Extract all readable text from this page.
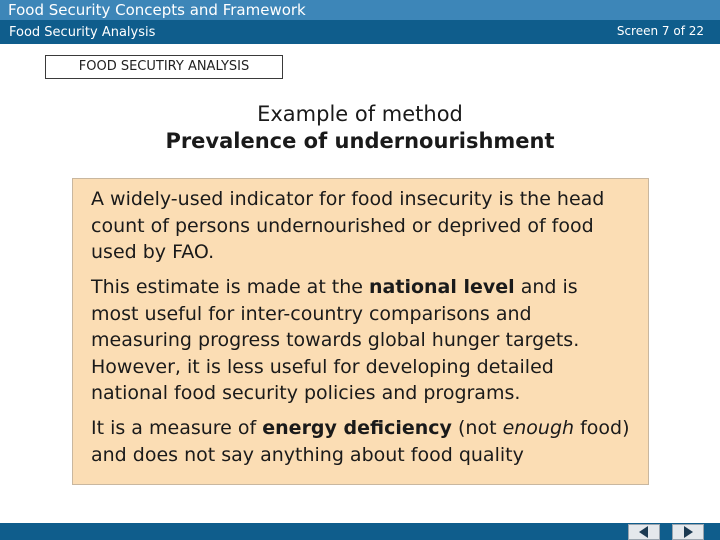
Food Security Concepts and Framework
Food Security Analysis	Screen 7 of 22
FOOD SECUTIRY ANALYSIS
Example of method
Prevalence of undernourishment

A widely-used indicator for food insecurity is the head count of persons undernourished or deprived of food used by FAO.

This estimate is made at the national level and is most useful for inter-country comparisons and measuring progress towards global hunger targets. However, it is less useful for developing detailed national food security policies and programs.

It is a measure of energy deficiency (not enough food) and does not say anything about food quality
